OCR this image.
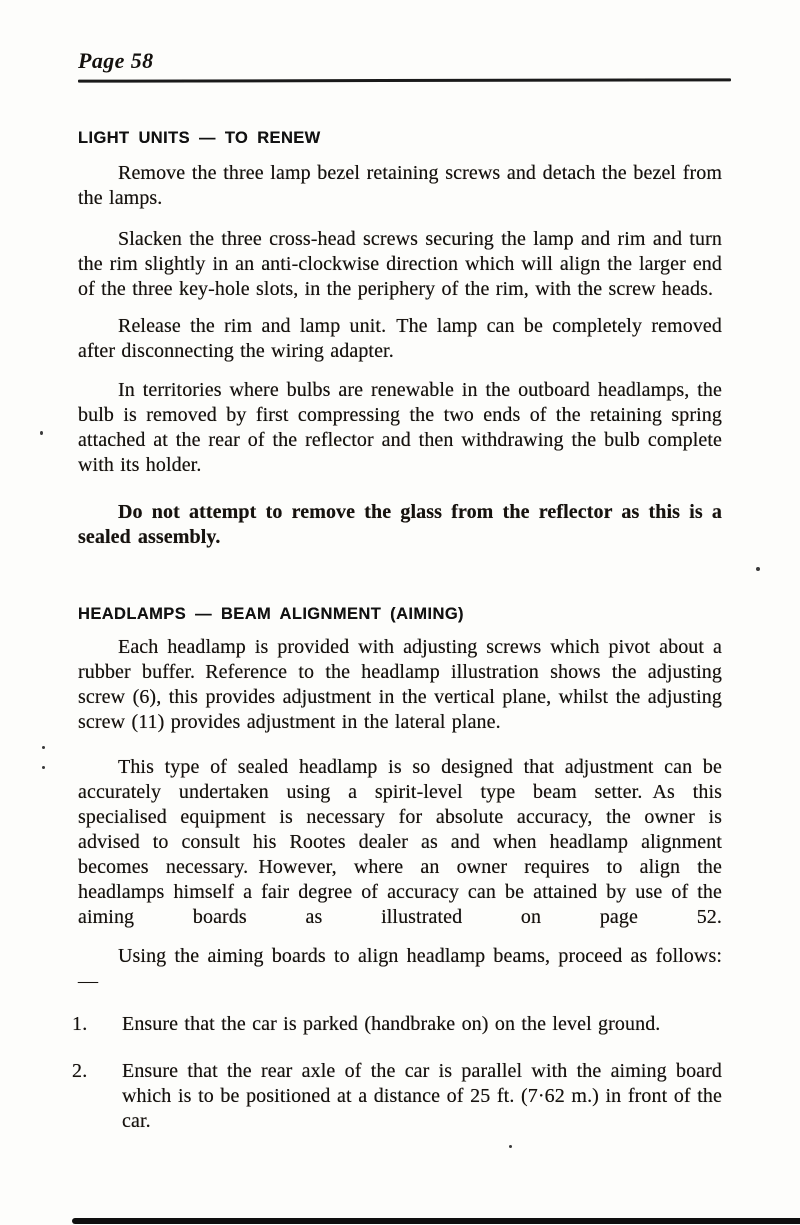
Page 58
LIGHT UNITS — TO RENEW

Remove the three lamp bezel retaining screws and detach the bezel from the lamps.

Slacken the three cross-head screws securing the lamp and rim and turn the rim slightly in an anti-clockwise direction which will align the larger end of the three key-hole slots, in the periphery of the rim, with the screw heads.

Release the rim and lamp unit. The lamp can be completely removed after disconnecting the wiring adapter.

In territories where bulbs are renewable in the outboard headlamps, the bulb is removed by first compressing the two ends of the retaining spring attached at the rear of the reflector and then withdrawing the bulb complete with its holder.

Do not attempt to remove the glass from the reflector as this is a sealed assembly.

HEADLAMPS — BEAM ALIGNMENT (AIMING)

Each headlamp is provided with adjusting screws which pivot about a rubber buffer. Reference to the headlamp illustration shows the adjusting screw (6), this provides adjustment in the vertical plane, whilst the adjusting screw (11) provides adjustment in the lateral plane.

This type of sealed headlamp is so designed that adjustment can be accurately undertaken using a spirit-level type beam setter. As this specialised equipment is necessary for absolute accuracy, the owner is advised to consult his Rootes dealer as and when headlamp alignment becomes necessary. However, where an owner requires to align the headlamps himself a fair degree of accuracy can be attained by use of the aiming boards as illustrated on page 52.

Using the aiming boards to align headlamp beams, proceed as follows:—

1. Ensure that the car is parked (handbrake on) on the level ground.

2. Ensure that the rear axle of the car is parallel with the aiming board which is to be positioned at a distance of 25 ft. (7·62 m.) in front of the car.
